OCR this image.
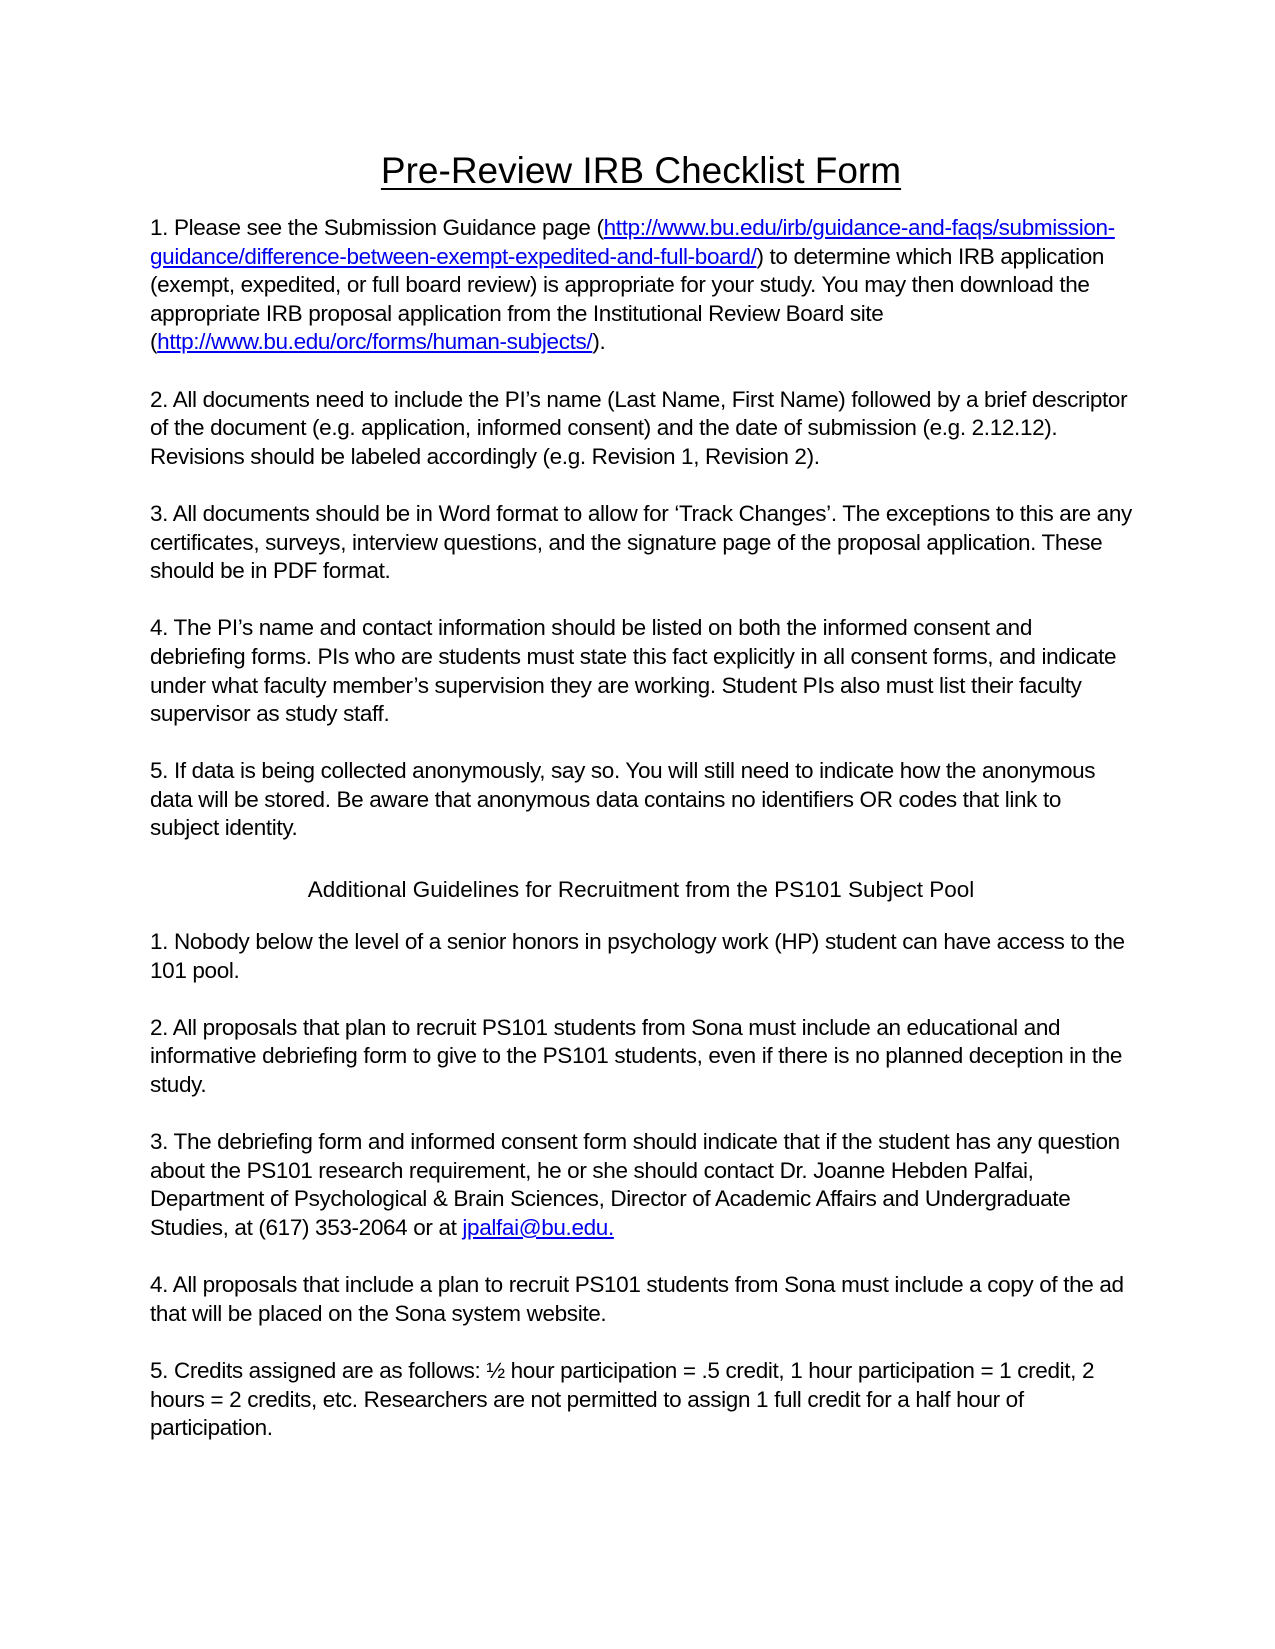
Pre-Review IRB Checklist Form

1. Please see the Submission Guidance page (http://www.bu.edu/irb/guidance-and-faqs/submission-guidance/difference-between-exempt-expedited-and-full-board/) to determine which IRB application (exempt, expedited, or full board review) is appropriate for your study. You may then download the appropriate IRB proposal application from the Institutional Review Board site (http://www.bu.edu/orc/forms/human-subjects/).

2. All documents need to include the PI’s name (Last Name, First Name) followed by a brief descriptor of the document (e.g. application, informed consent) and the date of submission (e.g. 2.12.12). Revisions should be labeled accordingly (e.g. Revision 1, Revision 2).

3. All documents should be in Word format to allow for ‘Track Changes’. The exceptions to this are any certificates, surveys, interview questions, and the signature page of the proposal application. These should be in PDF format.

4. The PI’s name and contact information should be listed on both the informed consent and debriefing forms. PIs who are students must state this fact explicitly in all consent forms, and indicate under what faculty member’s supervision they are working. Student PIs also must list their faculty supervisor as study staff.

5. If data is being collected anonymously, say so. You will still need to indicate how the anonymous data will be stored. Be aware that anonymous data contains no identifiers OR codes that link to subject identity.

Additional Guidelines for Recruitment from the PS101 Subject Pool

1. Nobody below the level of a senior honors in psychology work (HP) student can have access to the 101 pool.

2. All proposals that plan to recruit PS101 students from Sona must include an educational and informative debriefing form to give to the PS101 students, even if there is no planned deception in the study.

3. The debriefing form and informed consent form should indicate that if the student has any question about the PS101 research requirement, he or she should contact Dr. Joanne Hebden Palfai, Department of Psychological & Brain Sciences, Director of Academic Affairs and Undergraduate Studies, at (617) 353-2064 or at jpalfai@bu.edu.

4. All proposals that include a plan to recruit PS101 students from Sona must include a copy of the ad that will be placed on the Sona system website.

5. Credits assigned are as follows: ½ hour participation = .5 credit, 1 hour participation = 1 credit, 2 hours = 2 credits, etc. Researchers are not permitted to assign 1 full credit for a half hour of participation.
